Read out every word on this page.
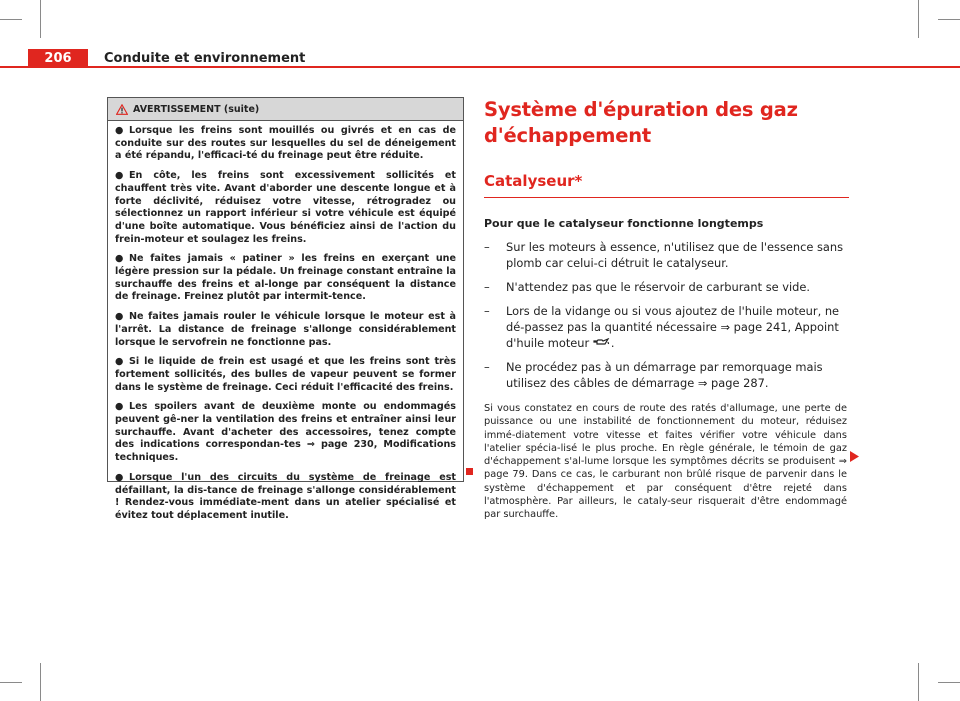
206	Conduite et environnement
AVERTISSEMENT (suite)

● Lorsque les freins sont mouillés ou givrés et en cas de conduite sur des routes sur lesquelles du sel de déneigement a été répandu, l'efficaci-té du freinage peut être réduite.

● En côte, les freins sont excessivement sollicités et chauffent très vite. Avant d'aborder une descente longue et à forte déclivité, réduisez votre vitesse, rétrogradez ou sélectionnez un rapport inférieur si votre véhicule est équipé d'une boîte automatique. Vous bénéficiez ainsi de l'action du frein-moteur et soulagez les freins.

● Ne faites jamais « patiner » les freins en exerçant une légère pression sur la pédale. Un freinage constant entraîne la surchauffe des freins et al-longe par conséquent la distance de freinage. Freinez plutôt par intermit-tence.

● Ne faites jamais rouler le véhicule lorsque le moteur est à l'arrêt. La distance de freinage s'allonge considérablement lorsque le servofrein ne fonctionne pas.

● Si le liquide de frein est usagé et que les freins sont très fortement sollicités, des bulles de vapeur peuvent se former dans le système de freinage. Ceci réduit l'efficacité des freins.

● Les spoilers avant de deuxième monte ou endommagés peuvent gê-ner la ventilation des freins et entraîner ainsi leur surchauffe. Avant d'acheter des accessoires, tenez compte des indications correspondan-tes ⇒ page 230, Modifications techniques.

● Lorsque l'un des circuits du système de freinage est défaillant, la dis-tance de freinage s'allonge considérablement ! Rendez-vous immédiate-ment dans un atelier spécialisé et évitez tout déplacement inutile.

Système d'épuration des gaz d'échappement
Catalyseur*
Pour que le catalyseur fonctionne longtemps
–	Sur les moteurs à essence, n'utilisez que de l'essence sans plomb car celui-ci détruit le catalyseur.
–	N'attendez pas que le réservoir de carburant se vide.
–	Lors de la vidange ou si vous ajoutez de l'huile moteur, ne dé-passez pas la quantité nécessaire ⇒ page 241, Appoint d'huile moteur .
–	Ne procédez pas à un démarrage par remorquage mais utilisez des câbles de démarrage ⇒ page 287.
Si vous constatez en cours de route des ratés d'allumage, une perte de puissance ou une instabilité de fonctionnement du moteur, réduisez immé-diatement votre vitesse et faites vérifier votre véhicule dans l'atelier spécia-lisé le plus proche. En règle générale, le témoin de gaz d'échappement s'al-lume lorsque les symptômes décrits se produisent ⇒ page 79. Dans ce cas, le carburant non brûlé risque de parvenir dans le système d'échappement et par conséquent d'être rejeté dans l'atmosphère. Par ailleurs, le cataly-seur risquerait d'être endommagé par surchauffe.
